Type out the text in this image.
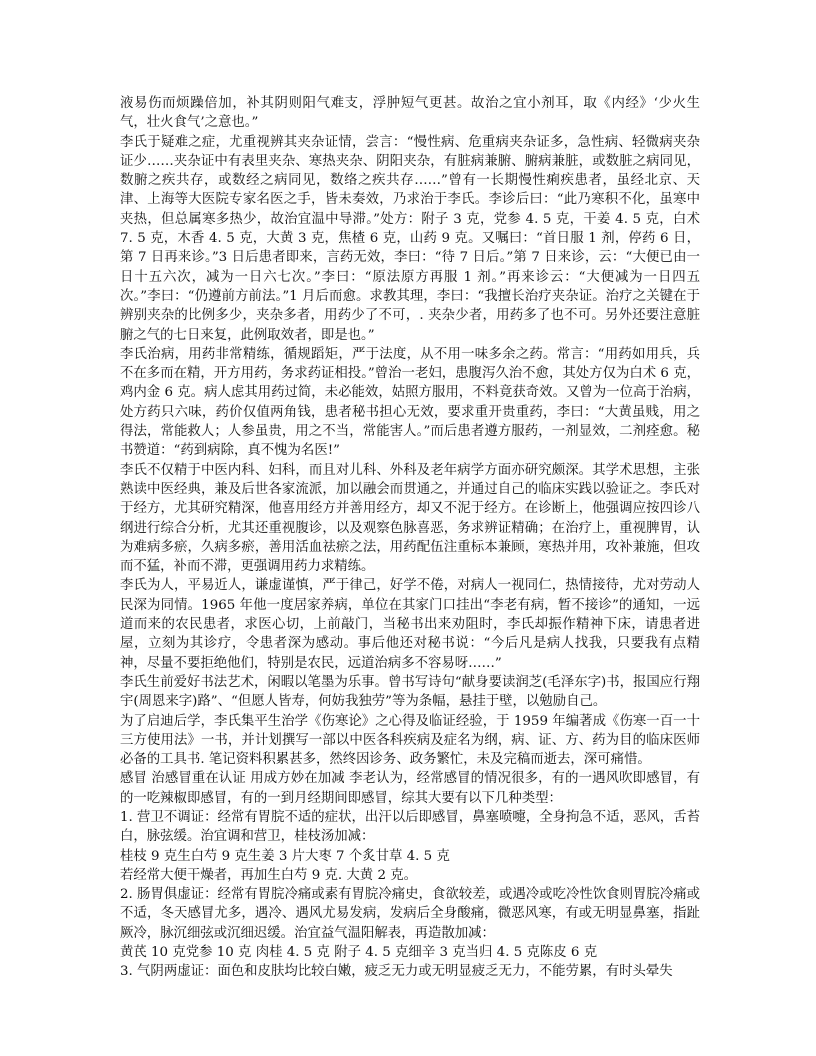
液易伤而烦躁倍加，补其阴则阳气难支，浮肿短气更甚。故治之宜小剂耳，取《内经》‘少火生气，壮火食气’之意也。”

李氏于疑难之症，尤重视辨其夹杂证情，尝言：“慢性病、危重病夹杂证多，急性病、轻微病夹杂证少……夹杂证中有表里夹杂、寒热夹杂、阴阳夹杂，有脏病兼腑、腑病兼脏，或数脏之病同见，数腑之疾共存，或数经之病同见，数络之疾共存……”曾有一长期慢性痢疾患者，虽经北京、天津、上海等大医院专家名医之手，皆未奏效，乃求治于李氏。李诊后曰：“此乃寒积不化，虽寒中夹热，但总属寒多热少，故治宜温中导滞。”处方：附子 3 克，党参 4. 5 克，干姜 4. 5 克，白术 7. 5 克，木香 4. 5 克，大黄 3 克，焦楂 6 克，山药 9 克。又嘱曰：“首日服 1 剂，停药 6 日，第 7 日再来诊。”3 日后患者即来，言药无效，李曰：“待 7 日后。”第 7 日来诊，云：“大便已由一日十五六次，减为一日六七次。”李曰：“原法原方再服 1 剂。”再来诊云：“大便减为一日四五次。”李曰：“仍遵前方前法。”1 月后而愈。求教其理，李曰：“我擅长治疗夹杂证。治疗之关键在于辨别夹杂的比例多少，夹杂多者，用药少了不可，. 夹杂少者，用药多了也不可。另外还要注意脏腑之气的七日来复，此例取效者，即是也。”

李氏治病，用药非常精练，循规蹈矩，严于法度，从不用一味多余之药。常言：“用药如用兵，兵不在多而在精，开方用药，务求药证相投。”曾治一老妇，患腹泻久治不愈，其处方仅为白术 6 克，鸡内金 6 克。病人虑其用药过简，未必能效，姑照方服用，不料竟获奇效。又曾为一位高于治病，处方药只六味，药价仅值两角钱，患者秘书担心无效，要求重开贵重药，李曰：“大黄虽贱，用之得法，常能救人；人参虽贵，用之不当，常能害人。”而后患者遵方服药，一剂显效，二剂痊愈。秘书赞道：“药到病除，真不愧为名医!”

李氏不仅精于中医内科、妇科，而且对儿科、外科及老年病学方面亦研究颇深。其学术思想，主张熟读中医经典，兼及后世各家流派，加以融会而贯通之，并通过自己的临床实践以验证之。李氏对于经方，尤其研究精深，他喜用经方并善用经方，却又不泥于经方。在诊断上，他强调应按四诊八纲进行综合分析，尤其还重视腹诊，以及观察色脉喜恶，务求辨证精确；在治疗上，重视脾胃，认为难病多瘀，久病多瘀，善用活血祛瘀之法，用药配伍注重标本兼顾，寒热并用，攻补兼施，但攻而不猛，补而不滞，更强调用药力求精练。

李氏为人，平易近人，谦虚谨慎，严于律己，好学不倦，对病人一视同仁，热情接待，尤对劳动人民深为同情。1965 年他一度居家养病，单位在其家门口挂出“李老有病，暂不接诊”的通知，一远道而来的农民患者，求医心切，上前敲门，当秘书出来劝阻时，李氏却振作精神下床，请患者进屋，立刻为其诊疗，令患者深为感动。事后他还对秘书说：“今后凡是病人找我，只要我有点精神，尽量不要拒绝他们，特别是农民，远道治病多不容易呀……”

李氏生前爱好书法艺术，闲暇以笔墨为乐事。曾书写诗句“献身要读润芝(毛泽东字)书，报国应行翔宇(周恩来字)路”、“但愿人皆寿，何妨我独劳”等为条幅，悬挂于壁，以勉励自己。

为了启迪后学，李氏集平生治学《伤寒论》之心得及临证经验，于 1959 年编著成《伤寒一百一十三方使用法》一书，并计划撰写一部以中医各科疾病及症名为纲，病、证、方、药为目的临床医师必备的工具书. 笔记资料积累甚多，然终因诊务、政务繁忙，未及完稿而逝去，深可痛惜。

感冒 治感冒重在认证 用成方妙在加减 李老认为，经常感冒的情况很多，有的一遇风吹即感冒，有的一吃辣椒即感冒，有的一到月经期间即感冒，综其大要有以下几种类型：

1. 营卫不调证：经常有胃脘不适的症状，出汗以后即感冒，鼻塞喷嚏，全身拘急不适，恶风，舌苔白，脉弦缓。治宜调和营卫，桂枝汤加减：

桂枝 9 克生白芍 9 克生姜 3 片大枣 7 个炙甘草 4. 5 克

若经常大便干燥者，再加生白芍 9 克. 大黄 2 克。

2. 肠胃俱虚证：经常有胃脘冷痛或素有胃脘冷痛史，食欲较差，或遇冷或吃冷性饮食则胃脘冷痛或不适，冬天感冒尤多，遇冷、遇风尤易发病，发病后全身酸痛，微恶风寒，有或无明显鼻塞，指趾厥冷，脉沉细弦或沉细迟缓。治宜益气温阳解表，再造散加减：

黄芪 10 克党参 10 克 肉桂 4. 5 克 附子 4. 5 克细辛 3 克当归 4. 5 克陈皮 6 克

3. 气阴两虚证：面色和皮肤均比较白嫩，疲乏无力或无明显疲乏无力，不能劳累，有时头晕失
